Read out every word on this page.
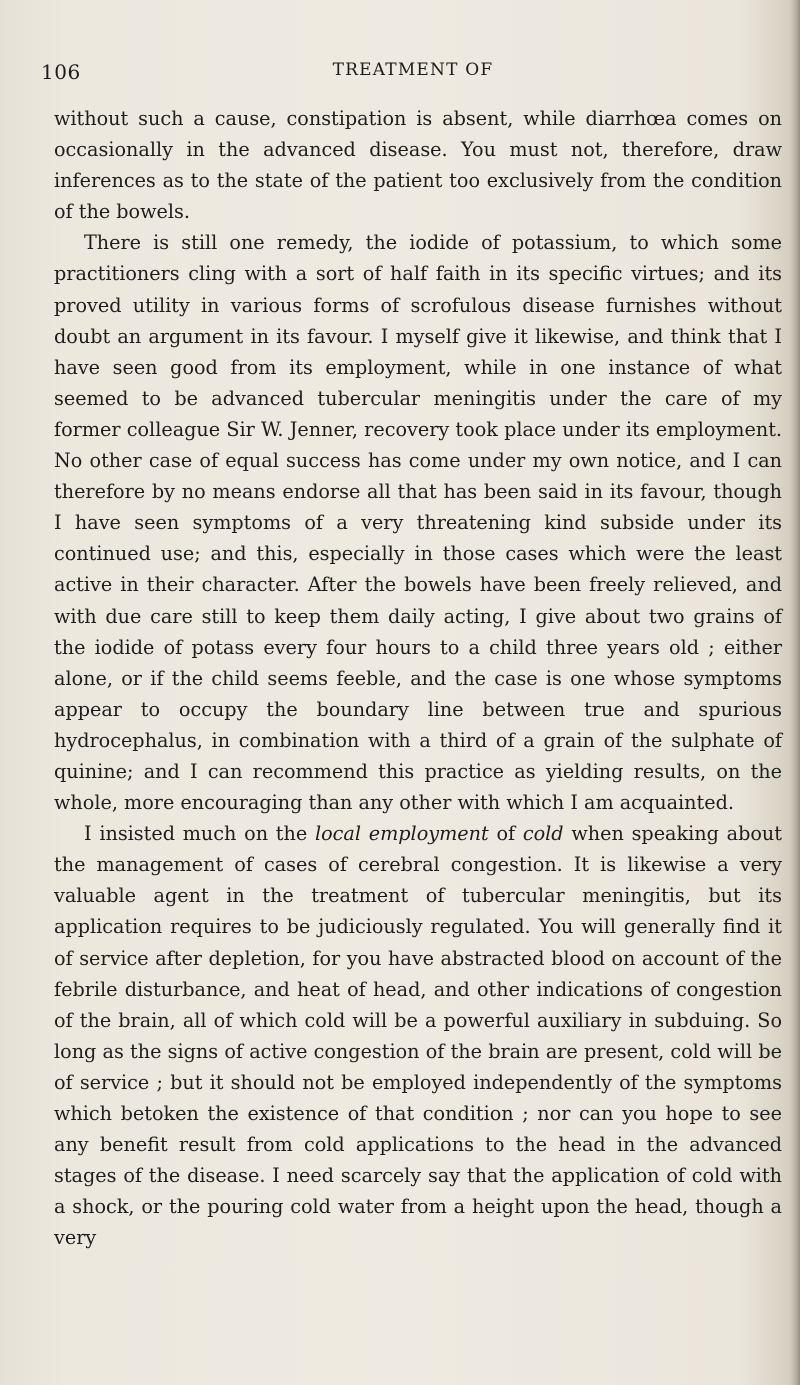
106	TREATMENT OF

without such a cause, constipation is absent, while diarrhœa comes on occasionally in the advanced disease. You must not, therefore, draw inferences as to the state of the patient too exclusively from the condition of the bowels.

There is still one remedy, the iodide of potassium, to which some practitioners cling with a sort of half faith in its specific virtues; and its proved utility in various forms of scrofulous disease furnishes without doubt an argument in its favour. I myself give it likewise, and think that I have seen good from its employment, while in one instance of what seemed to be advanced tubercular meningitis under the care of my former colleague Sir W. Jenner, recovery took place under its employment. No other case of equal success has come under my own notice, and I can therefore by no means endorse all that has been said in its favour, though I have seen symptoms of a very threatening kind subside under its continued use; and this, especially in those cases which were the least active in their character. After the bowels have been freely relieved, and with due care still to keep them daily acting, I give about two grains of the iodide of potass every four hours to a child three years old ; either alone, or if the child seems feeble, and the case is one whose symptoms appear to occupy the boundary line between true and spurious hydrocephalus, in combination with a third of a grain of the sulphate of quinine; and I can recommend this practice as yielding results, on the whole, more encouraging than any other with which I am acquainted.

I insisted much on the local employment of cold when speaking about the management of cases of cerebral congestion. It is likewise a very valuable agent in the treatment of tubercular meningitis, but its application requires to be judiciously regulated. You will generally find it of service after depletion, for you have abstracted blood on account of the febrile disturbance, and heat of head, and other indications of congestion of the brain, all of which cold will be a powerful auxiliary in subduing. So long as the signs of active congestion of the brain are present, cold will be of service ; but it should not be employed independently of the symptoms which betoken the existence of that condition ; nor can you hope to see any benefit result from cold applications to the head in the advanced stages of the disease. I need scarcely say that the application of cold with a shock, or the pouring cold water from a height upon the head, though a very
